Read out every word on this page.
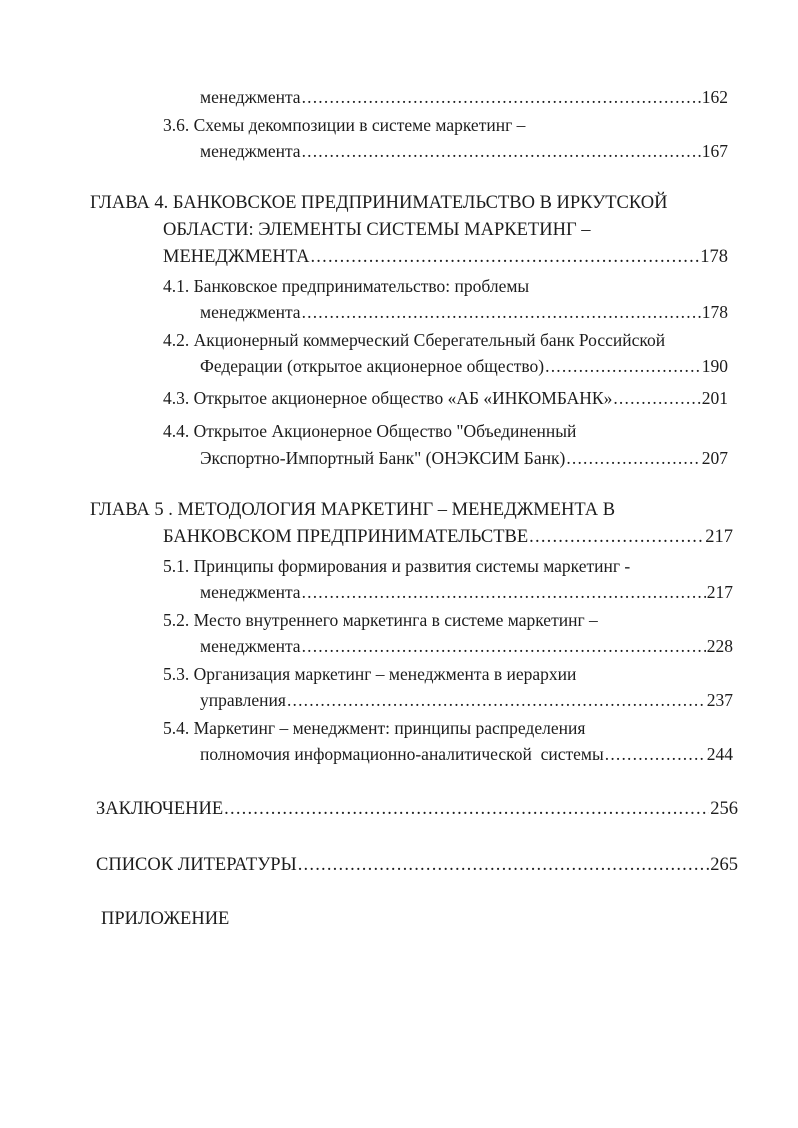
менеджмента .....	162
3.6. Схемы декомпозиции в системе маркетинг –
менеджмента .....	167
ГЛАВА 4. БАНКОВСКОЕ ПРЕДПРИНИМАТЕЛЬСТВО В ИРКУТСКОЙ
ОБЛАСТИ: ЭЛЕМЕНТЫ СИСТЕМЫ МАРКЕТИНГ –
МЕНЕДЖМЕНТА .....	178
4.1. Банковское предпринимательство: проблемы
менеджмента .....	178
4.2. Акционерный коммерческий Сберегательный банк Российской
Федерации (открытое акционерное общество) .....	190
4.3. Открытое акционерное общество «АБ «ИНКОМБАНК» .....	201
4.4. Открытое Акционерное Общество "Объединенный
Экспортно-Импортный Банк" (ОНЭКСИМ Банк) .....	207
ГЛАВА 5 . МЕТОДОЛОГИЯ МАРКЕТИНГ – МЕНЕДЖМЕНТА В
БАНКОВСКОМ ПРЕДПРИНИМАТЕЛЬСТВЕ .....	217
5.1. Принципы формирования и развития системы маркетинг -
менеджмента .....	217
5.2. Место внутреннего маркетинга в системе маркетинг –
менеджмента .....	228
5.3. Организация маркетинг – менеджмента в иерархии
управления .....	237
5.4. Маркетинг – менеджмент: принципы распределения
полномочия информационно-аналитической  системы .....	244
ЗАКЛЮЧЕНИЕ .....	256
СПИСОК ЛИТЕРАТУРЫ .....	265
ПРИЛОЖЕНИЕ
